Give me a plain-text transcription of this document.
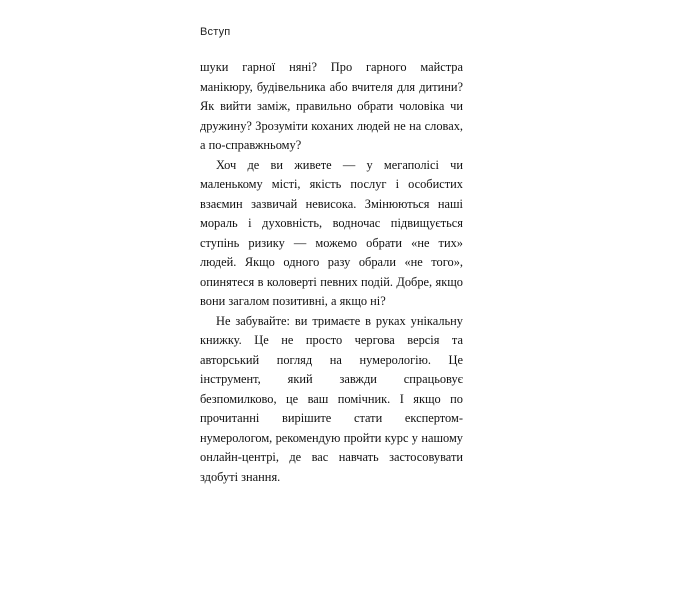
Вступ

шуки гарної няні? Про гарного майстра манікюру, будівельника або вчителя для дитини? Як вийти заміж, правильно обрати чоловіка чи дружину? Зрозуміти коханих людей не на словах, а по-справжньому?

Хоч де ви живете — у мегаполісі чи маленькому місті, якість послуг і особистих взаємин зазвичай невисока. Змінюються наші мораль і духовність, водночас підвищується ступінь ризику — можемо обрати «не тих» людей. Якщо одного разу обрали «не того», опинятеся в коловерті певних подій. Добре, якщо вони загалом позитивні, а якщо ні?

Не забувайте: ви тримаєте в руках унікальну книжку. Це не просто чергова версія та авторський погляд на нумерологію. Це інструмент, який завжди спрацьовує безпомилково, це ваш помічник. І якщо по прочитанні вирішите стати експертом-нумерологом, рекомендую пройти курс у нашому онлайн-центрі, де вас навчать застосовувати здобуті знання.
